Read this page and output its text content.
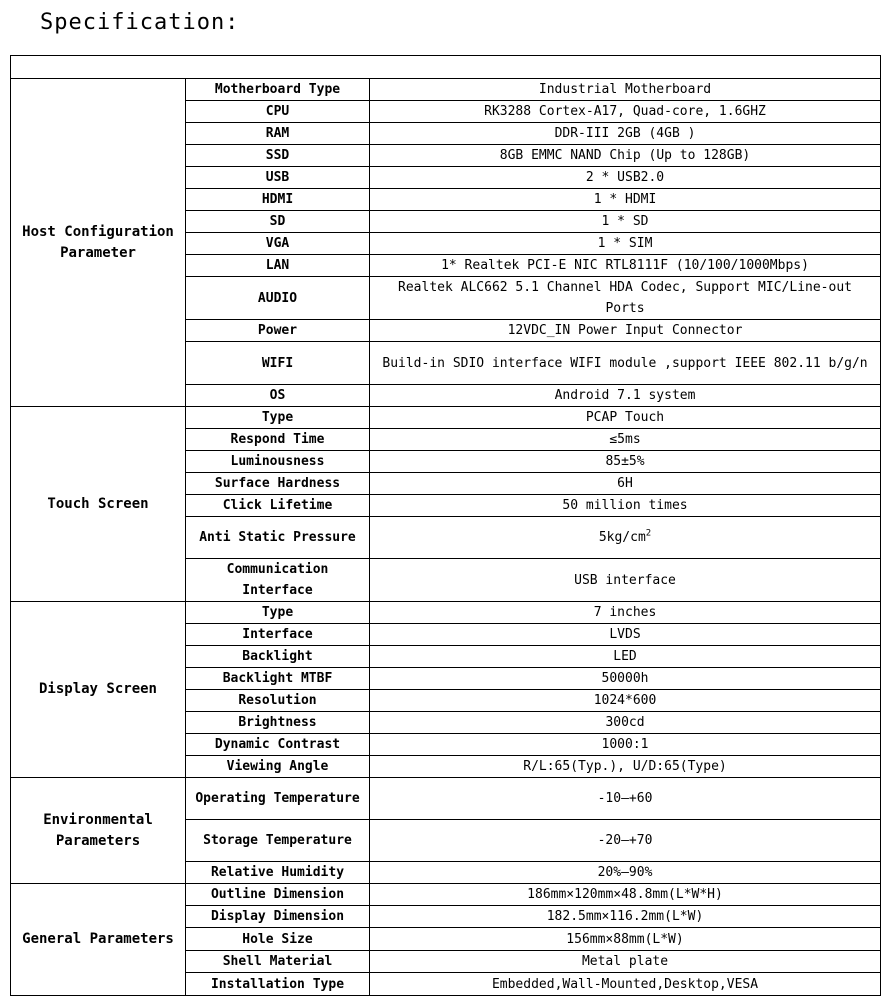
Specification:

Host Configuration Parameter	Motherboard Type	Industrial Motherboard
	CPU	RK3288 Cortex-A17, Quad-core, 1.6GHZ
	RAM	DDR-III 2GB (4GB )
	SSD	8GB EMMC NAND Chip (Up to 128GB)
	USB	2 * USB2.0
	HDMI	1 * HDMI
	SD	1 * SD
	VGA	1 * SIM
	LAN	1* Realtek PCI-E NIC RTL8111F (10/100/1000Mbps)
	AUDIO	Realtek ALC662 5.1 Channel HDA Codec, Support MIC/Line-out Ports
	Power	12VDC_IN Power Input Connector
	WIFI	Build-in SDIO interface WIFI module ,support IEEE 802.11 b/g/n
	OS	Android 7.1 system
Touch Screen	Type	PCAP Touch
	Respond Time	≤5ms
	Luminousness	85±5%
	Surface Hardness	6H
	Click Lifetime	50 million times
	Anti Static Pressure	$5kg/cm^2$
	Communication Interface	USB interface
Display Screen	Type	7 inches
	Interface	LVDS
	Backlight	LED
	Backlight MTBF	50000h
	Resolution	1024*600
	Brightness	300cd
	Dynamic Contrast	1000:1
	Viewing Angle	R/L:65(Typ.), U/D:65(Type)
Environmental Parameters	Operating Temperature	-10—+60
	Storage Temperature	-20—+70
	Relative Humidity	20%—90%
General Parameters	Outline Dimension	186mm×120mm×48.8mm(L*W*H)
	Display Dimension	182.5mm×116.2mm(L*W)
	Hole Size	156mm×88mm(L*W)
	Shell Material	Metal plate
	Installation Type	Embedded,Wall-Mounted,Desktop,VESA
